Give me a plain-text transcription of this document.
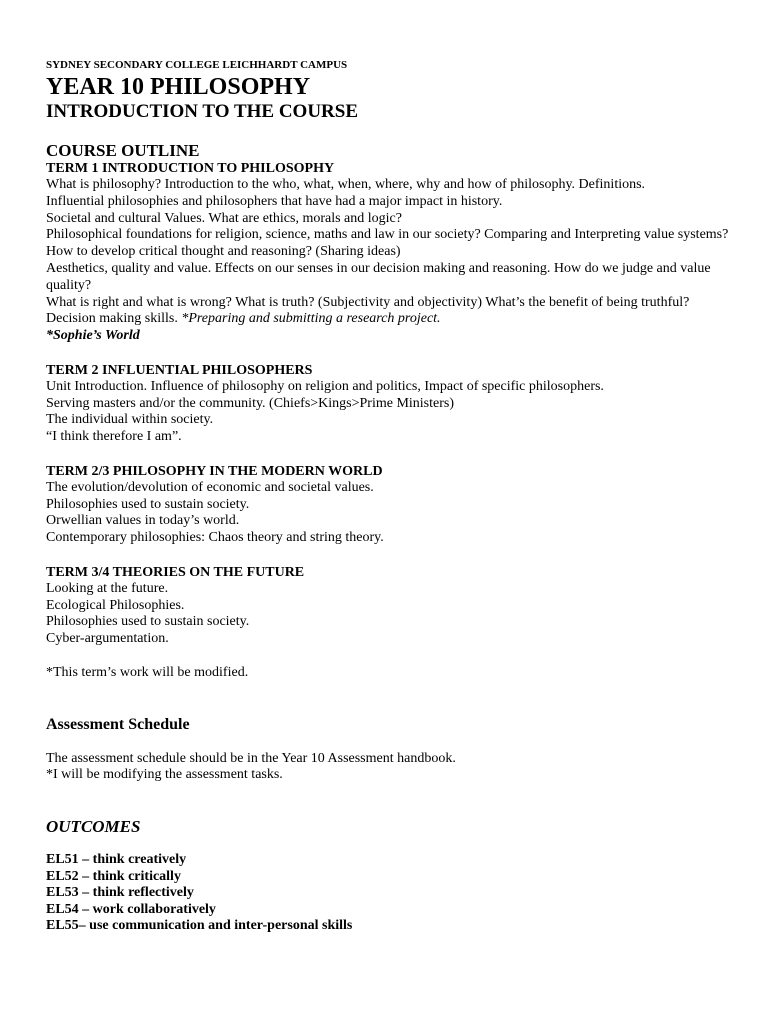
SYDNEY SECONDARY COLLEGE LEICHHARDT CAMPUS
YEAR 10 PHILOSOPHY
INTRODUCTION TO THE COURSE
COURSE OUTLINE
TERM 1 INTRODUCTION TO PHILOSOPHY
What is philosophy? Introduction to the who, what, when, where, why and how of philosophy. Definitions.
Influential philosophies and philosophers that have had a major impact in history.
Societal and cultural Values. What are ethics, morals and logic?
Philosophical foundations for religion, science, maths and law in our society? Comparing and Interpreting value systems?
How to develop critical thought and reasoning? (Sharing ideas)
Aesthetics, quality and value. Effects on our senses in our decision making and reasoning. How do we judge and value quality?
What is right and what is wrong? What is truth? (Subjectivity and objectivity) What’s the benefit of being truthful?
Decision making skills. *Preparing and submitting a research project.
*Sophie’s World
TERM 2 INFLUENTIAL PHILOSOPHERS
Unit Introduction. Influence of philosophy on religion and politics, Impact of specific philosophers.
Serving masters and/or the community. (Chiefs>Kings>Prime Ministers)
The individual within society.
“I think therefore I am”.
TERM 2/3 PHILOSOPHY IN THE MODERN WORLD
The evolution/devolution of economic and societal values.
Philosophies used to sustain society.
Orwellian values in today’s world.
Contemporary philosophies: Chaos theory and string theory.
TERM 3/4 THEORIES ON THE FUTURE
Looking at the future.
Ecological Philosophies.
Philosophies used to sustain society.
Cyber-argumentation.
*This term’s work will be modified.
Assessment Schedule
The assessment schedule should be in the Year 10 Assessment handbook.
*I will be modifying the assessment tasks.
OUTCOMES
EL51 – think creatively
EL52 – think critically
EL53 – think reflectively
EL54 – work collaboratively
EL55– use communication and inter-personal skills
